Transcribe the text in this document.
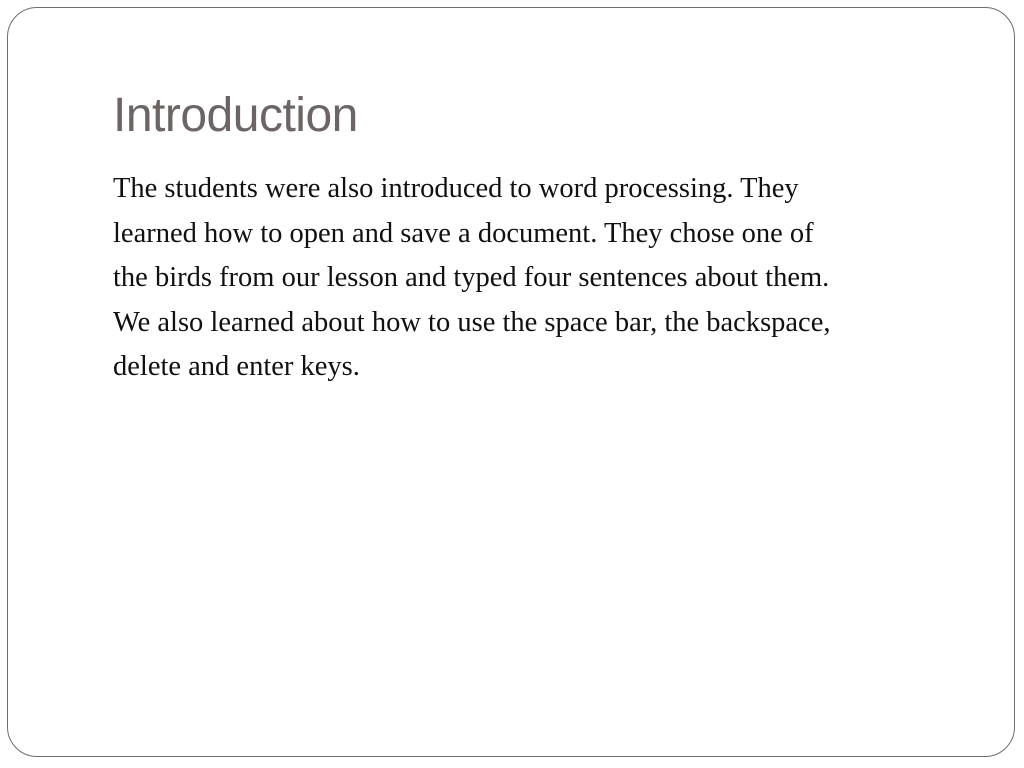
Introduction

The students were also introduced to word processing. They
learned how to open and save a document. They chose one of
the birds from our lesson and typed four sentences about them.
We also learned about how to use the space bar, the backspace,
delete and enter keys.
